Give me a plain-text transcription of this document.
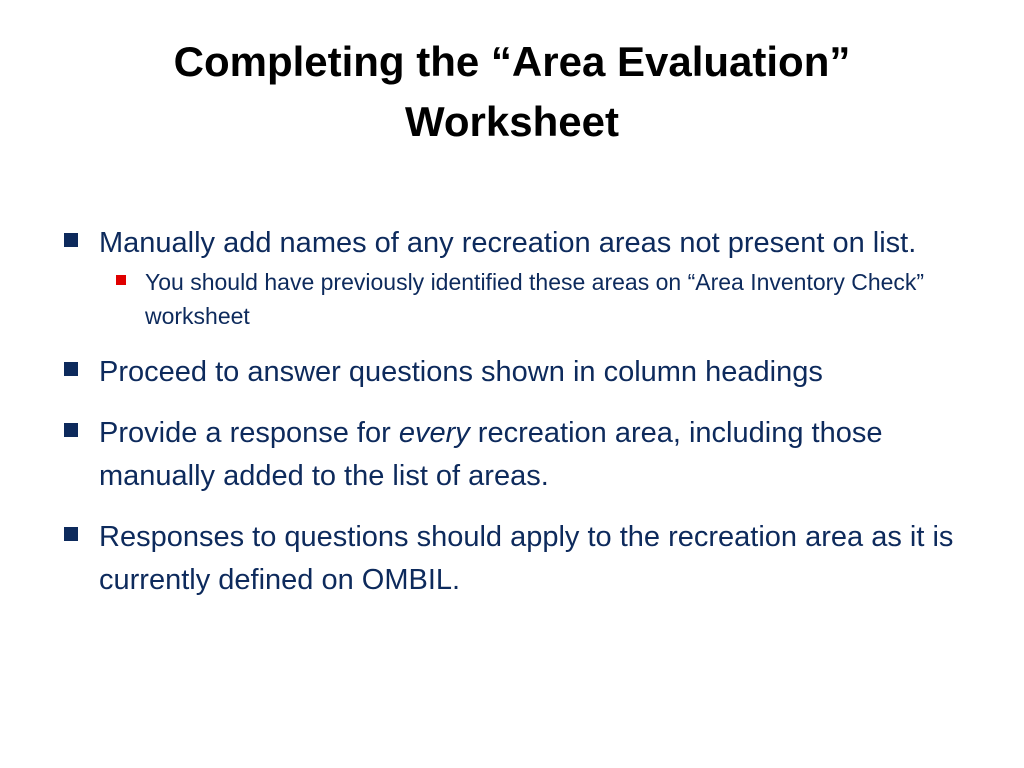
Completing the “Area Evaluation”
Worksheet
Manually add names of any recreation areas not present on list.
You should have previously identified these areas on “Area Inventory Check” worksheet
Proceed to answer questions shown in column headings
Provide a response for every recreation area, including those manually added to the list of areas.
Responses to questions should apply to the recreation area as it is currently defined on OMBIL.
